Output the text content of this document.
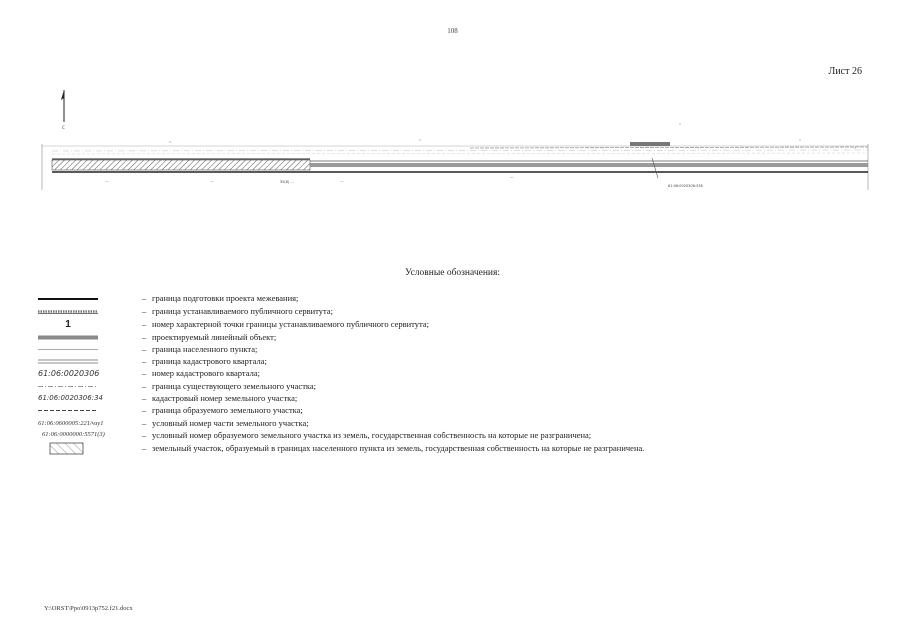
108
Лист 26
С
—	—	—
—
ЗУ(6) ...
61:06:0020306:338
Условные обозначения:
– граница подготовки проекта межевания;
– граница устанавливаемого публичного сервитута;
1	– номер характерной точки границы устанавливаемого публичного сервитута;
– проектируемый линейный объект;
– граница населенного пункта;
– граница кадастрового квартала;
61:06:0020306	– номер кадастрового квартала;
– граница существующего земельного участка;
61:06:0020306:34	– кадастровый номер земельного участка;
– граница образуемого земельного участка;
61:06:0600005:221/чзу1	– условный номер части земельного участка;
61:06:0000000:5571(3)	– условный номер образуемого земельного участка из земель, государственная собственность на которые не разграничена;
– земельный участок, образуемый в границах населенного пункта из земель, государственная собственность на которые не разграничена.
Y:\ORST\Ppo\0913p752.f21.docx
